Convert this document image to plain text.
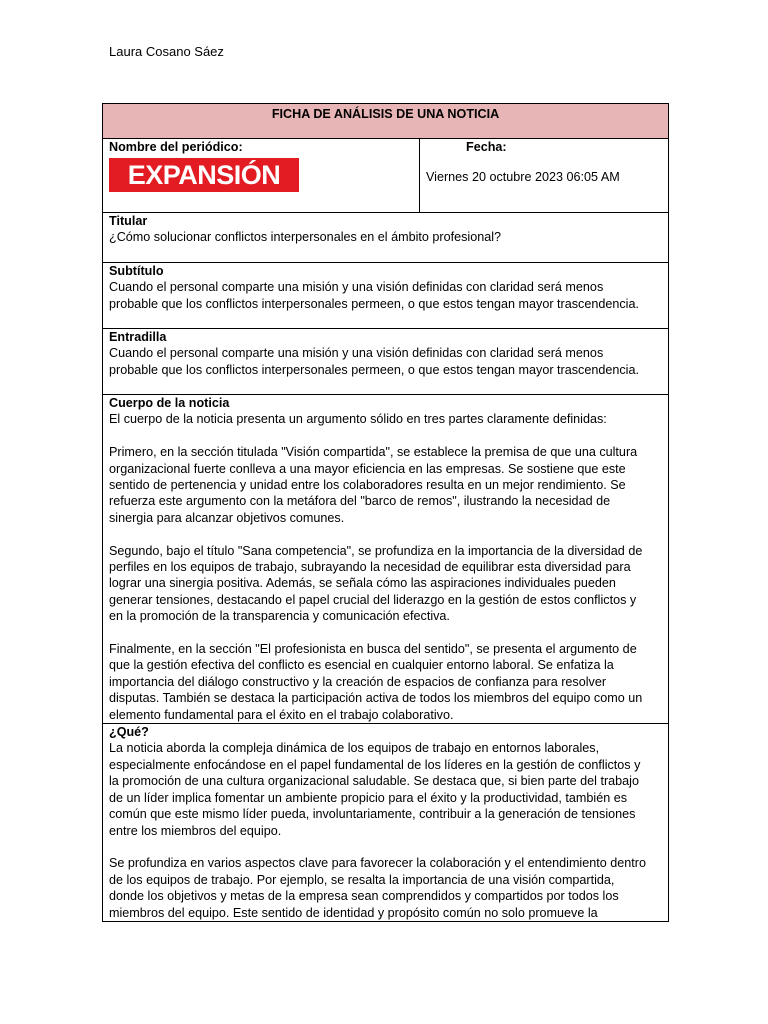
Laura Cosano Sáez
FICHA DE ANÁLISIS DE UNA NOTICIA

Nombre del periódico:
EXPANSIÓN	
Fecha:
Viernes 20 octubre 2023 06:05 AM

Titular
¿Cómo solucionar conflictos interpersonales en el ámbito profesional?

Subtítulo
Cuando el personal comparte una misión y una visión definidas con claridad será menos
probable que los conflictos interpersonales permeen, o que estos tengan mayor trascendencia.

Entradilla
Cuando el personal comparte una misión y una visión definidas con claridad será menos
probable que los conflictos interpersonales permeen, o que estos tengan mayor trascendencia.

Cuerpo de la noticia
El cuerpo de la noticia presenta un argumento sólido en tres partes claramente definidas:
Primero, en la sección titulada "Visión compartida", se establece la premisa de que una cultura
organizacional fuerte conlleva a una mayor eficiencia en las empresas. Se sostiene que este
sentido de pertenencia y unidad entre los colaboradores resulta en un mejor rendimiento. Se
refuerza este argumento con la metáfora del "barco de remos", ilustrando la necesidad de
sinergia para alcanzar objetivos comunes.
Segundo, bajo el título "Sana competencia", se profundiza en la importancia de la diversidad de
perfiles en los equipos de trabajo, subrayando la necesidad de equilibrar esta diversidad para
lograr una sinergia positiva. Además, se señala cómo las aspiraciones individuales pueden
generar tensiones, destacando el papel crucial del liderazgo en la gestión de estos conflictos y
en la promoción de la transparencia y comunicación efectiva.
Finalmente, en la sección "El profesionista en busca del sentido", se presenta el argumento de
que la gestión efectiva del conflicto es esencial en cualquier entorno laboral. Se enfatiza la
importancia del diálogo constructivo y la creación de espacios de confianza para resolver
disputas. También se destaca la participación activa de todos los miembros del equipo como un
elemento fundamental para el éxito en el trabajo colaborativo.

¿Qué?
La noticia aborda la compleja dinámica de los equipos de trabajo en entornos laborales,
especialmente enfocándose en el papel fundamental de los líderes en la gestión de conflictos y
la promoción de una cultura organizacional saludable. Se destaca que, si bien parte del trabajo
de un líder implica fomentar un ambiente propicio para el éxito y la productividad, también es
común que este mismo líder pueda, involuntariamente, contribuir a la generación de tensiones
entre los miembros del equipo.
Se profundiza en varios aspectos clave para favorecer la colaboración y el entendimiento dentro
de los equipos de trabajo. Por ejemplo, se resalta la importancia de una visión compartida,
donde los objetivos y metas de la empresa sean comprendidos y compartidos por todos los
miembros del equipo. Este sentido de identidad y propósito común no solo promueve la
